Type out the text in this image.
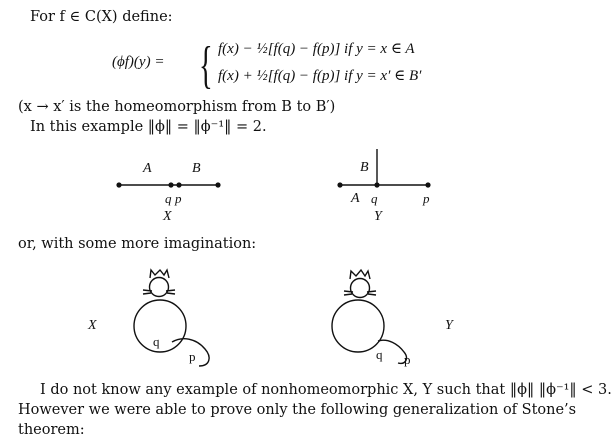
For f ∈ C(X) define:
(ϕf)(y) = { f(x) − ½[f(q) − f(p)] if y = x ∈ A
f(x) + ½[f(q) − f(p)] if y = x′ ∈ B′
(x → x′ is the homeomorphism from B to B′)
In this example ‖ϕ‖ = ‖ϕ⁻¹‖ = 2.
or, with some more imagination:
I do not know any example of nonhomeomorphic X, Y such that ‖ϕ‖ ‖ϕ⁻¹‖ < 3.
However we were able to prove only the following generalization of Stone’s
theorem:
A	B
q p
X
B
A q	p
Y
q
p	q p
X	Y
